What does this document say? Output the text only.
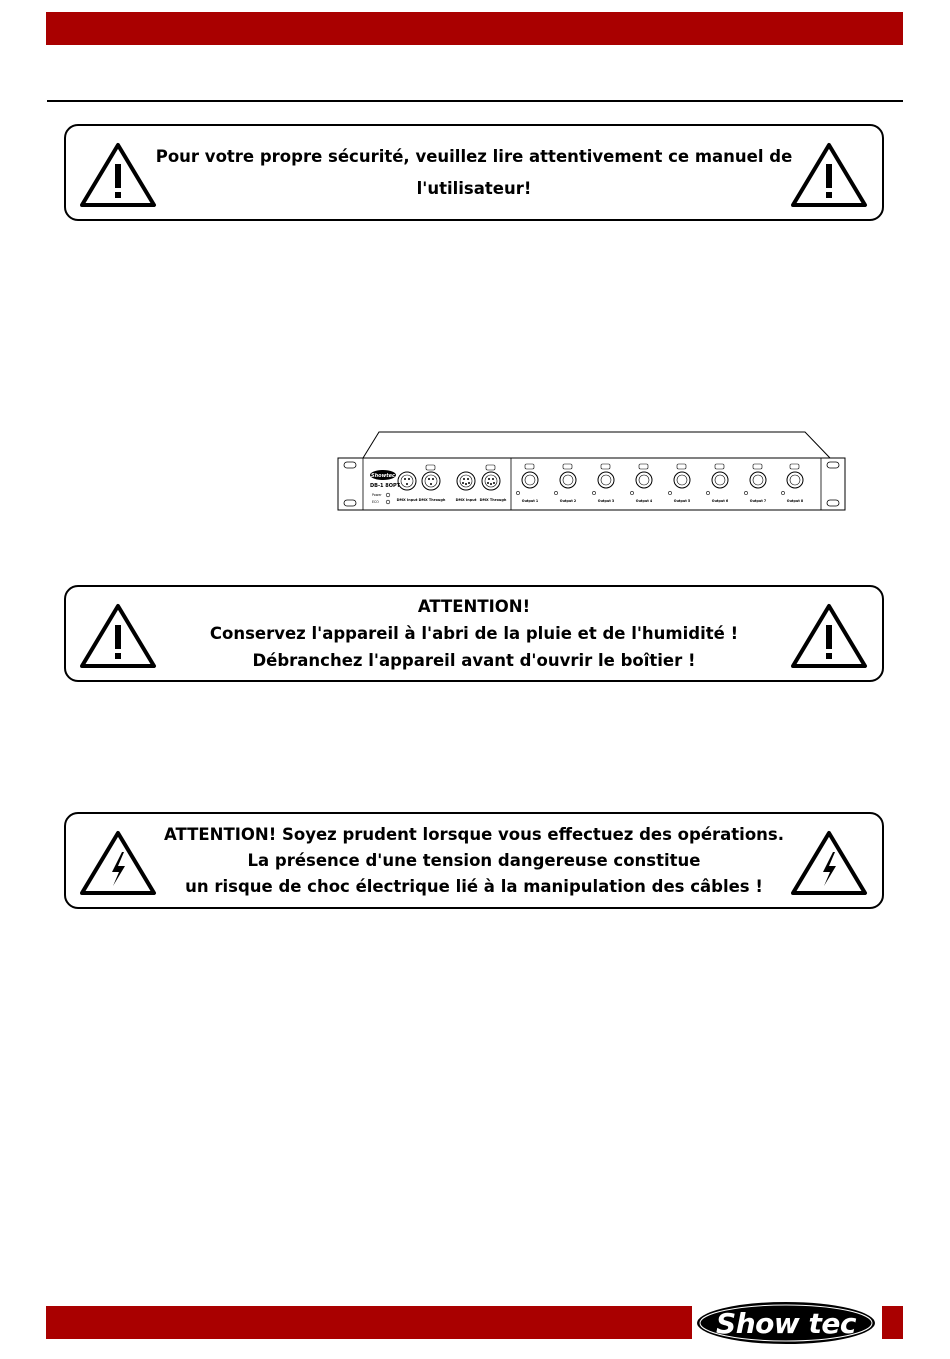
Pour votre propre sécurité, veuillez lire attentivement ce manuel de
l'utilisateur!
Showtec
DB-1 8OPT
Power
ECO	DMX Input DMX Through	DMX Input DMX Through	Output 1	Output 2	Output 3	Output 4	Output 5	Output 6	Output 7	Output 8
ATTENTION!
Conservez l'appareil à l'abri de la pluie et de l'humidité !
Débranchez l'appareil avant d'ouvrir le boîtier !
ATTENTION! Soyez prudent lorsque vous effectuez des opérations.
La présence d'une tension dangereuse constitue
un risque de choc électrique lié à la manipulation des câbles !
®
Show tec
